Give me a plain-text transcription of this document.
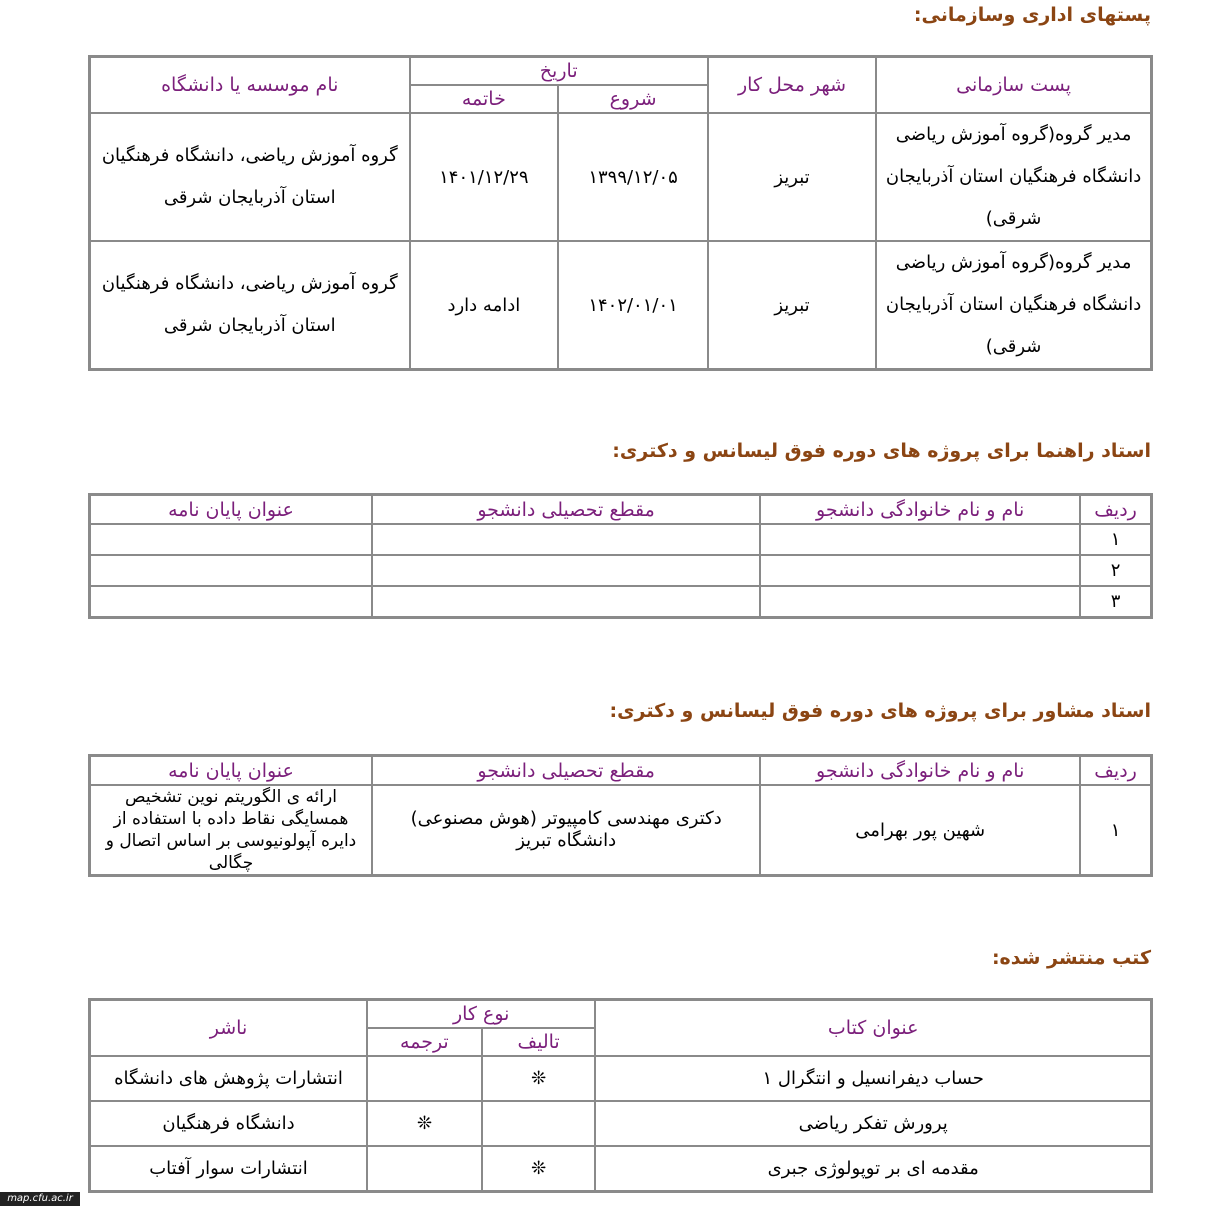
پستهای اداری وسازمانی:
پست سازمانی	شهر محل کار	تاریخ		نام موسسه یا دانشگاه
		شروع	خاتمه	
مدیر گروه(گروه آموزش ریاضی دانشگاه فرهنگیان استان آذربایجان شرقی)	تبریز	۱۳۹۹/۱۲/۰۵	۱۴۰۱/۱۲/۲۹	گروه آموزش ریاضی، دانشگاه فرهنگیان استان آذربایجان شرقی
مدیر گروه(گروه آموزش ریاضی دانشگاه فرهنگیان استان آذربایجان شرقی)	تبریز	۱۴۰۲/۰۱/۰۱	ادامه دارد	گروه آموزش ریاضی، دانشگاه فرهنگیان استان آذربایجان شرقی
استاد راهنما برای پروژه های دوره فوق لیسانس و دکتری:
ردیف	نام و نام خانوادگی دانشجو	مقطع تحصیلی دانشجو	عنوان پایان نامه
۱			
۲			
۳			
استاد مشاور برای پروژه های دوره فوق لیسانس و دکتری:
ردیف	نام و نام خانوادگی دانشجو	مقطع تحصیلی دانشجو	عنوان پایان نامه
۱	شهین پور بهرامی	دکتری مهندسی کامپیوتر (هوش مصنوعی) دانشگاه تبریز	ارائه ی الگوریتم نوین تشخیص همسایگی نقاط داده با استفاده از دایره آپولونیوسی بر اساس اتصال و چگالی
کتب منتشر شده:
عنوان کتاب	نوع کار		ناشر
	تالیف	ترجمه	
حساب دیفرانسیل و انتگرال ۱	❊		انتشارات پژوهش های دانشگاه
پرورش تفکر ریاضی		❊	دانشگاه فرهنگیان
مقدمه ای بر توپولوژی جبری	❊		انتشارات سوار آفتاب
map.cfu.ac.ir
